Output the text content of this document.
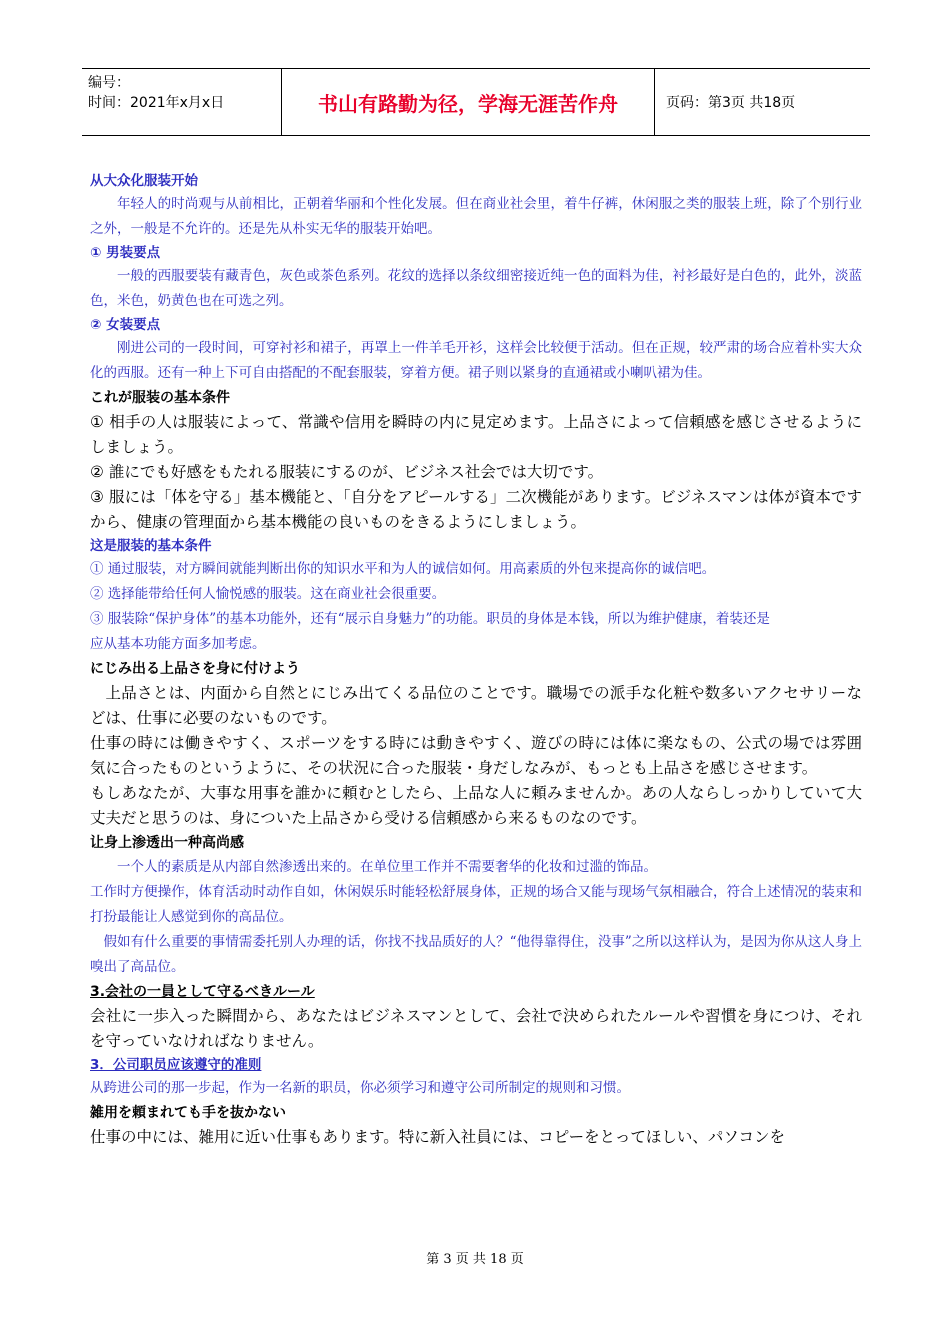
编号：
时间：2021年x月x日	书山有路勤为径，学海无涯苦作舟	页码：第3页 共18页

从大众化服装开始

年轻人的时尚观与从前相比，正朝着华丽和个性化发展。但在商业社会里，着牛仔裤，休闲服之类的服装上班，除了个别行业之外，一般是不允许的。还是先从朴实无华的服装开始吧。

① 男装要点

一般的西服要装有藏青色，灰色或茶色系列。花纹的选择以条纹细密接近纯一色的面料为佳，衬衫最好是白色的，此外，淡蓝色，米色，奶黄色也在可选之列。

② 女装要点

刚进公司的一段时间，可穿衬衫和裙子，再罩上一件羊毛开衫，这样会比较便于活动。但在正规，较严肃的场合应着朴实大众化的西服。还有一种上下可自由搭配的不配套服装，穿着方便。裙子则以紧身的直通裙或小喇叭裙为佳。

これが服装の基本条件

① 相手の人は服装によって、常識や信用を瞬時の内に見定めます。上品さによって信頼感を感じさせるようにしましょう。

② 誰にでも好感をもたれる服装にするのが、ビジネス社会では大切です。

③ 服には「体を守る」基本機能と、「自分をアピールする」二次機能があります。ビジネスマンは体が資本ですから、健康の管理面から基本機能の良いものをきるようにしましょう。

这是服装的基本条件

① 通过服装，对方瞬间就能判断出你的知识水平和为人的诚信如何。用高素质的外包来提高你的诚信吧。

② 选择能带给任何人愉悦感的服装。这在商业社会很重要。

③ 服装除“保护身体”的基本功能外，还有“展示自身魅力”的功能。职员的身体是本钱，所以为维护健康，着装还是

应从基本功能方面多加考虑。

にじみ出る上品さを身に付けよう

上品さとは、内面から自然とにじみ出てくる品位のことです。職場での派手な化粧や数多いアクセサリーなどは、仕事に必要のないものです。

仕事の時には働きやすく、スポーツをする時には動きやすく、遊びの時には体に楽なもの、公式の場では雰囲気に合ったものというように、その状況に合った服装・身だしなみが、もっとも上品さを感じさせます。

もしあなたが、大事な用事を誰かに頼むとしたら、上品な人に頼みませんか。あの人ならしっかりしていて大丈夫だと思うのは、身についた上品さから受ける信頼感から来るものなのです。

让身上渗透出一种高尚感

一个人的素质是从内部自然渗透出来的。在单位里工作并不需要奢华的化妆和过滥的饰品。

工作时方便操作，体育活动时动作自如，休闲娱乐时能轻松舒展身体，正规的场合又能与现场气氛相融合，符合上述情况的装束和打扮最能让人感觉到你的高品位。

假如有什么重要的事情需委托别人办理的话，你找不找品质好的人？“他得靠得住，没事”之所以这样认为，是因为你从这人身上嗅出了高品位。

3.会社の一員として守るべきルール

会社に一歩入った瞬間から、あなたはビジネスマンとして、会社で決められたルールや習慣を身につけ、それを守っていなければなりません。

3．公司职员应该遵守的准则

从跨进公司的那一步起，作为一名新的职员，你必须学习和遵守公司所制定的规则和习惯。

雑用を頼まれても手を抜かない

仕事の中には、雑用に近い仕事もあります。特に新入社員には、コピーをとってほしい、パソコンを

第 3 页 共 18 页
